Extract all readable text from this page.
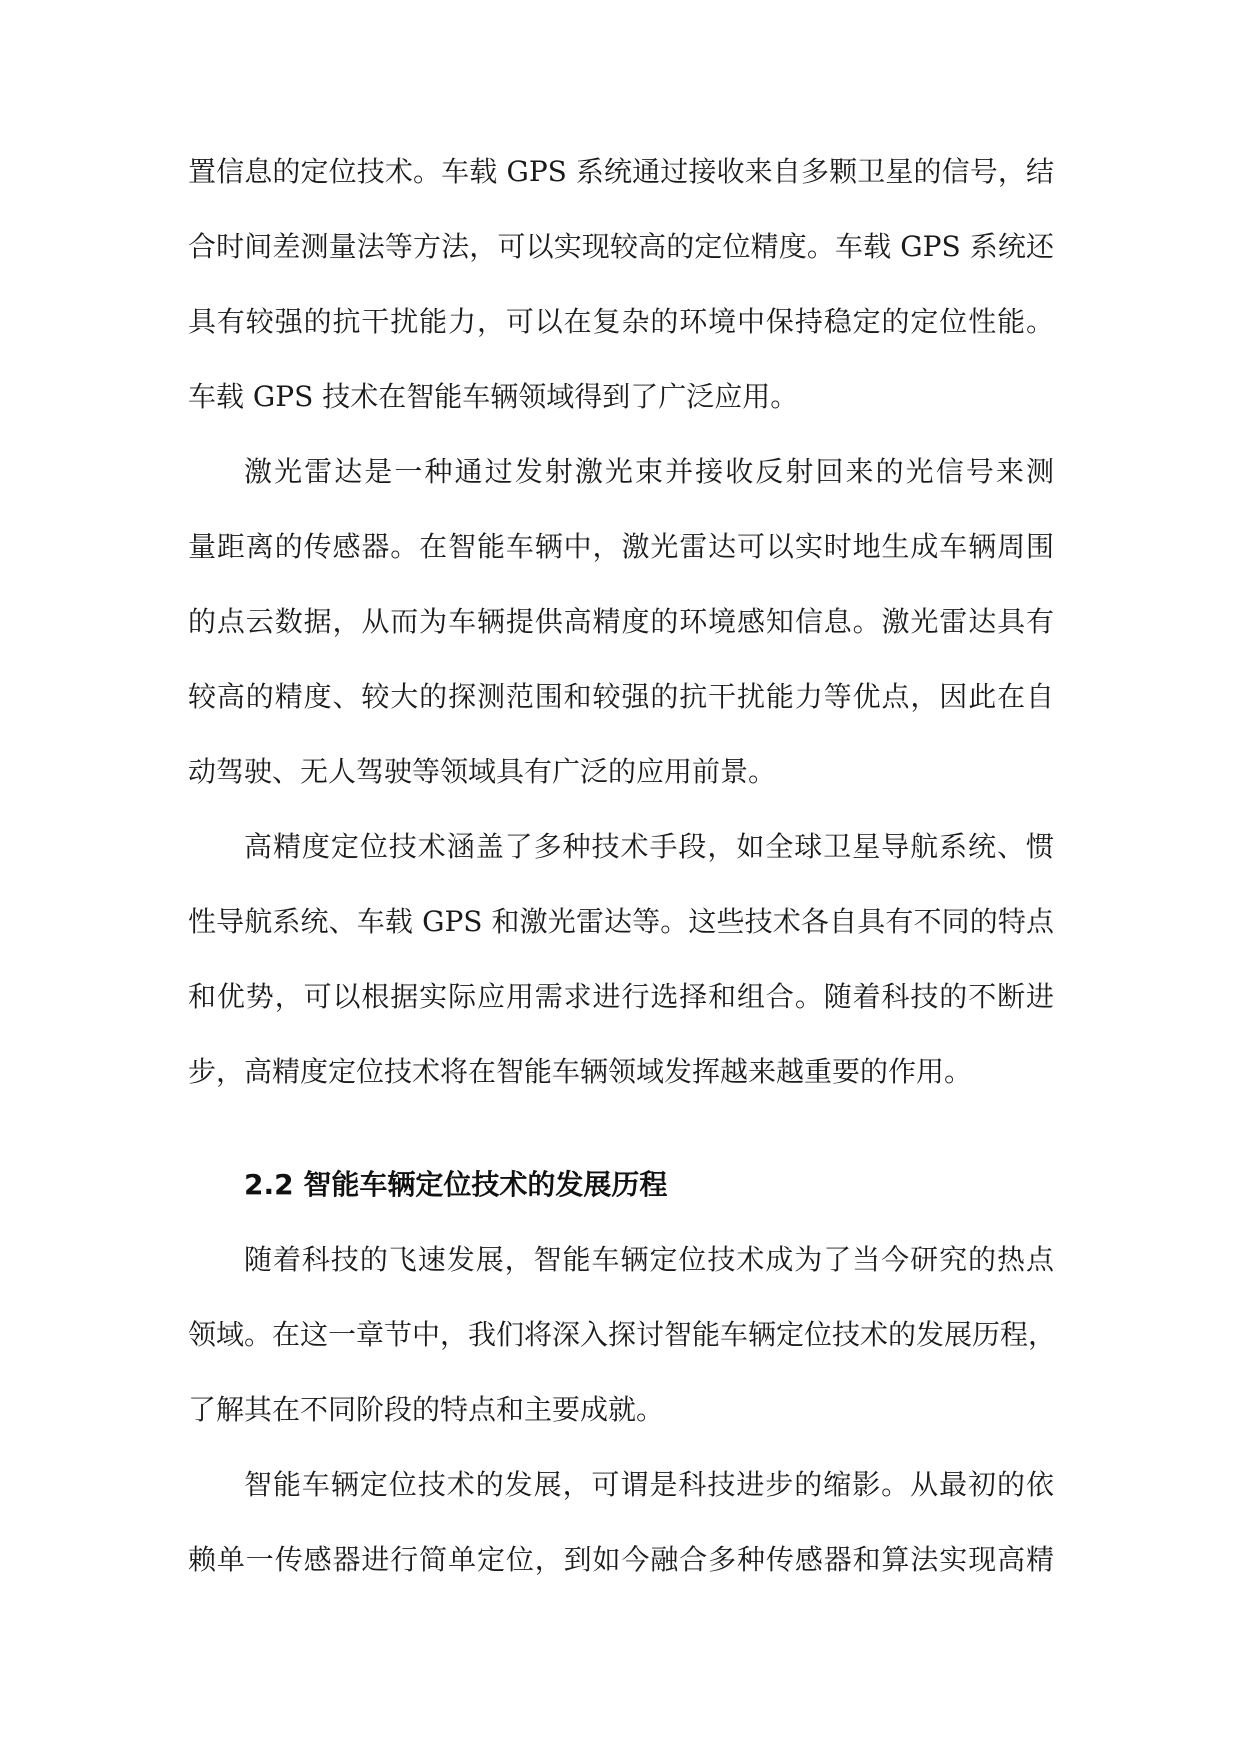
置信息的定位技术。车载 GPS 系统通过接收来自多颗卫星的信号，结
合时间差测量法等方法，可以实现较高的定位精度。车载 GPS 系统还
具有较强的抗干扰能力，可以在复杂的环境中保持稳定的定位性能。
车载 GPS 技术在智能车辆领域得到了广泛应用。
激光雷达是一种通过发射激光束并接收反射回来的光信号来测
量距离的传感器。在智能车辆中，激光雷达可以实时地生成车辆周围
的点云数据，从而为车辆提供高精度的环境感知信息。激光雷达具有
较高的精度、较大的探测范围和较强的抗干扰能力等优点，因此在自
动驾驶、无人驾驶等领域具有广泛的应用前景。
高精度定位技术涵盖了多种技术手段，如全球卫星导航系统、惯
性导航系统、车载 GPS 和激光雷达等。这些技术各自具有不同的特点
和优势，可以根据实际应用需求进行选择和组合。随着科技的不断进
步，高精度定位技术将在智能车辆领域发挥越来越重要的作用。
2.2 智能车辆定位技术的发展历程
随着科技的飞速发展，智能车辆定位技术成为了当今研究的热点
领域。在这一章节中，我们将深入探讨智能车辆定位技术的发展历程，
了解其在不同阶段的特点和主要成就。
智能车辆定位技术的发展，可谓是科技进步的缩影。从最初的依
赖单一传感器进行简单定位，到如今融合多种传感器和算法实现高精
